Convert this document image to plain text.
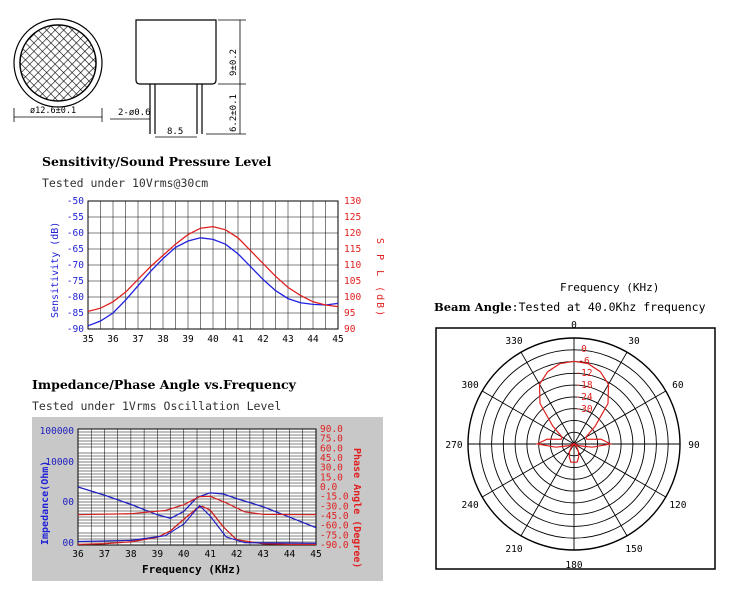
ø12.6±0.1
8.5
2-ø0.6
9±0.2
6.2±0.1
Sensitivity/Sound Pressure Level
Tested under 10Vrms@30cm
-50
-55
-60
-65
-70
-75
-80
-85
-90
130
125
120
115
110
105
100
95
90
35 36 37 38 39 40 41 42 43 44 45
Sensitivity (dB)	S P L (dB)
Impedance/Phase Angle vs.Frequency
Tested under 1Vrms Oscillation Level
100000
10000
00
00
90.0
75.0
60.0
45.0
30.0
15.0
0.0
-15.0
-30.0
-45.0
-60.0
-75.0
-90.0
36 37 38 39 40 41 42 43 44 45
Impedance(Ohm)	Phase Angle (Degree)
Frequency (KHz)
Frequency (KHz)
Beam Angle:Tested at 40.0Khz frequency
0
30
60
90
120
150
180
210
240
270
300
330
0
-6
-12
-18
-24
-30
